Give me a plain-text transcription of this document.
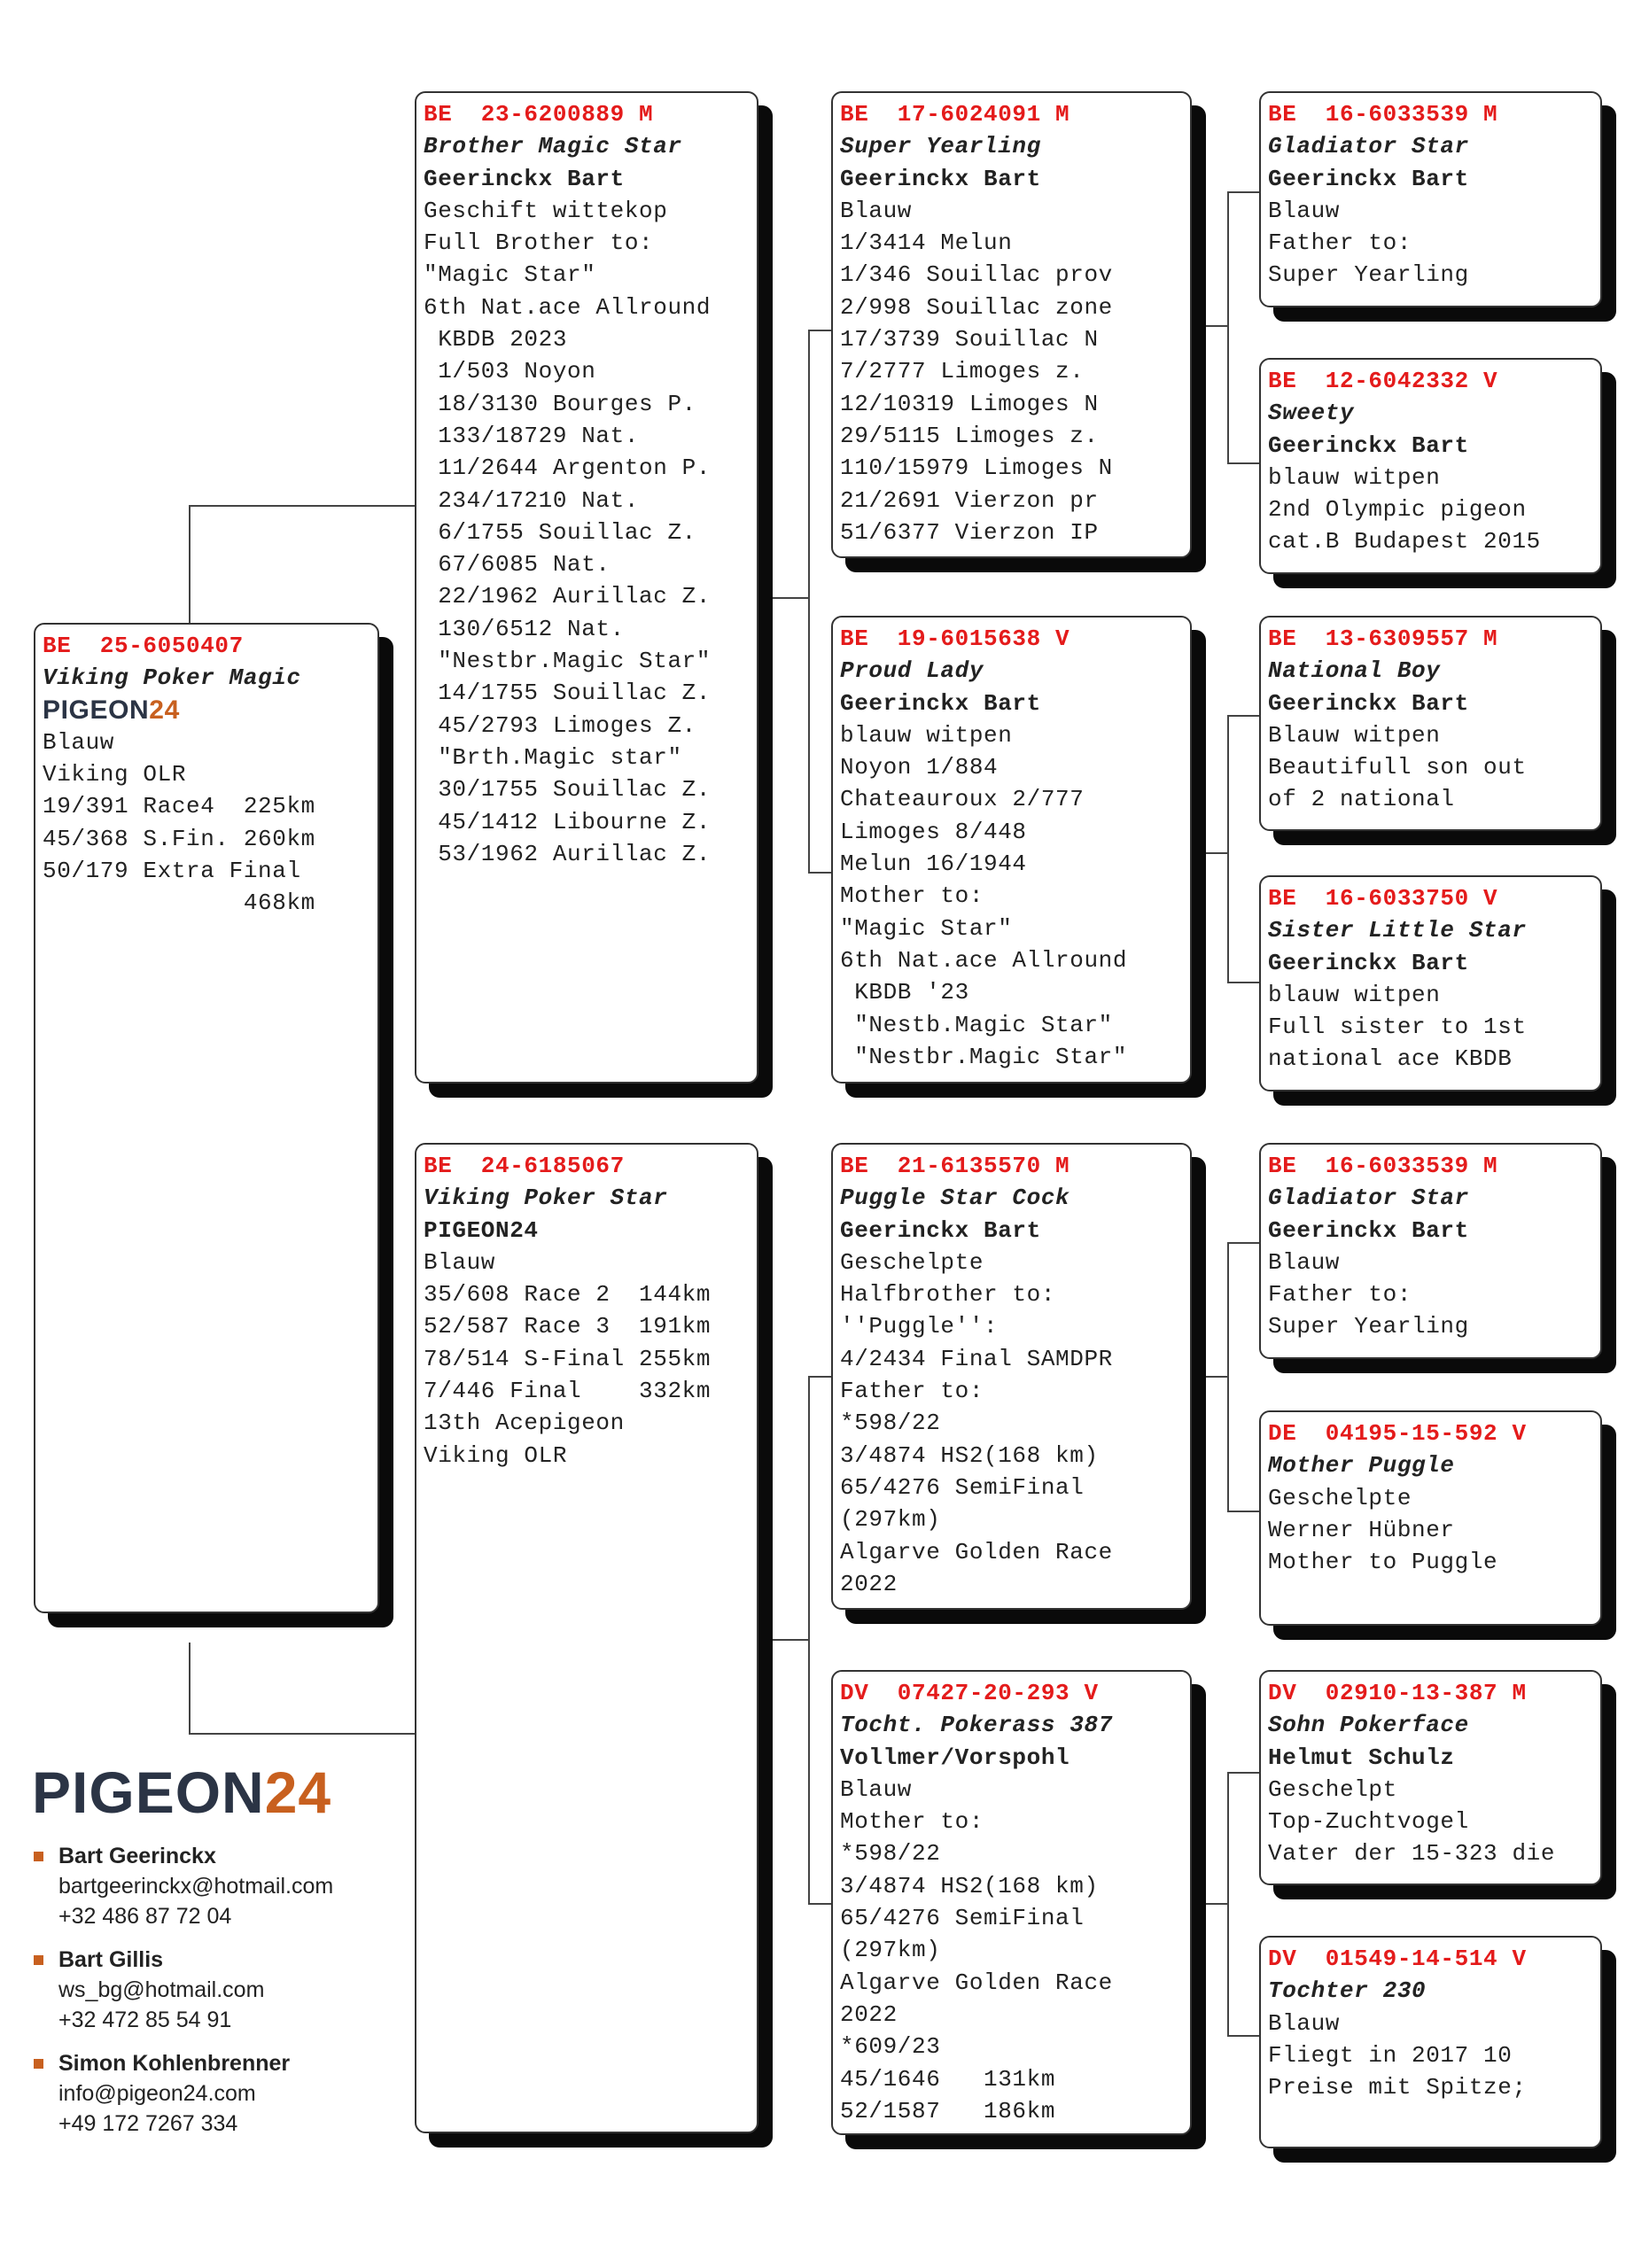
BE  25-6050407
Viking Poker Magic
PIGEON24
Blauw
Viking OLR
19/391 Race4  225km
45/368 S.Fin. 260km
50/179 Extra Final
468km
BE  23-6200889 M
Brother Magic Star
Geerinckx Bart
Geschift wittekop
Full Brother to:
"Magic Star"
6th Nat.ace Allround
KBDB 2023
1/503 Noyon
18/3130 Bourges P.
133/18729 Nat.
11/2644 Argenton P.
234/17210 Nat.
6/1755 Souillac Z.
67/6085 Nat.
22/1962 Aurillac Z.
130/6512 Nat.
"Nestbr.Magic Star"
14/1755 Souillac Z.
45/2793 Limoges Z.
"Brth.Magic star"
30/1755 Souillac Z.
45/1412 Libourne Z.
53/1962 Aurillac Z.
BE  24-6185067
Viking Poker Star
PIGEON24
Blauw
35/608 Race 2  144km
52/587 Race 3  191km
78/514 S-Final 255km
7/446 Final    332km
13th Acepigeon
Viking OLR
BE  17-6024091 M
Super Yearling
Geerinckx Bart
Blauw
1/3414 Melun
1/346 Souillac prov
2/998 Souillac zone
17/3739 Souillac N
7/2777 Limoges z.
12/10319 Limoges N
29/5115 Limoges z.
110/15979 Limoges N
21/2691 Vierzon pr
51/6377 Vierzon IP
BE  19-6015638 V
Proud Lady
Geerinckx Bart
blauw witpen
Noyon 1/884
Chateauroux 2/777
Limoges 8/448
Melun 16/1944
Mother to:
"Magic Star"
6th Nat.ace Allround
KBDB '23
"Nestb.Magic Star"
"Nestbr.Magic Star"
BE  21-6135570 M
Puggle Star Cock
Geerinckx Bart
Geschelpte
Halfbrother to:
''Puggle'':
4/2434 Final SAMDPR
Father to:
*598/22
3/4874 HS2(168 km)
65/4276 SemiFinal
(297km)
Algarve Golden Race
2022
DV  07427-20-293 V
Tocht. Pokerass 387
Vollmer/Vorspohl
Blauw
Mother to:
*598/22
3/4874 HS2(168 km)
65/4276 SemiFinal
(297km)
Algarve Golden Race
2022
*609/23
45/1646   131km
52/1587   186km
BE  16-6033539 M
Gladiator Star
Geerinckx Bart
Blauw
Father to:
Super Yearling
BE  12-6042332 V
Sweety
Geerinckx Bart
blauw witpen
2nd Olympic pigeon
cat.B Budapest 2015
BE  13-6309557 M
National Boy
Geerinckx Bart
Blauw witpen
Beautifull son out
of 2 national
BE  16-6033750 V
Sister Little Star
Geerinckx Bart
blauw witpen
Full sister to 1st
national ace KBDB
BE  16-6033539 M
Gladiator Star
Geerinckx Bart
Blauw
Father to:
Super Yearling
DE  04195-15-592 V
Mother Puggle
Geschelpte
Werner Hübner
Mother to Puggle
DV  02910-13-387 M
Sohn Pokerface
Helmut Schulz
Geschelpt
Top-Zuchtvogel
Vater der 15-323 die
DV  01549-14-514 V
Tochter 230
Blauw
Fliegt in 2017 10
Preise mit Spitze;
PIGEON24
Bart Geerinckx
bartgeerinckx@hotmail.com
+32 486 87 72 04
Bart Gillis
ws_bg@hotmail.com
+32 472 85 54 91
Simon Kohlenbrenner
info@pigeon24.com
+49 172 7267 334
